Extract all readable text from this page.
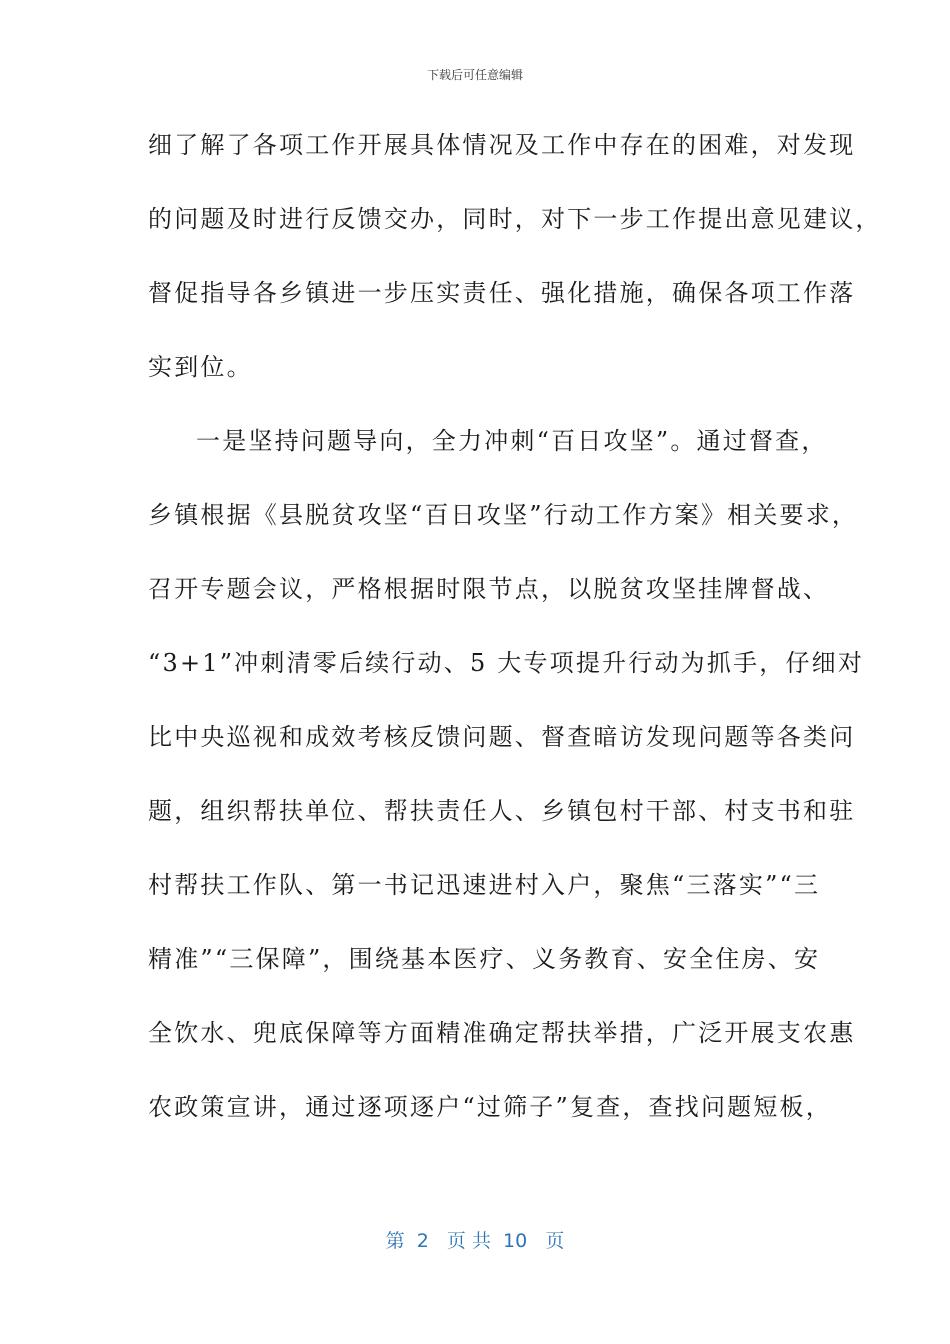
下载后可任意编辑
细了解了各项工作开展具体情况及工作中存在的困难，对发现
的问题及时进行反馈交办，同时，对下一步工作提出意见建议，
督促指导各乡镇进一步压实责任、强化措施，确保各项工作落
实到位。
一是坚持问题导向，全力冲刺“百日攻坚”。通过督查，
乡镇根据《县脱贫攻坚“百日攻坚”行动工作方案》相关要求，
召开专题会议，严格根据时限节点，以脱贫攻坚挂牌督战、
“3+1”冲刺清零后续行动、5 大专项提升行动为抓手，仔细对
比中央巡视和成效考核反馈问题、督查暗访发现问题等各类问
题，组织帮扶单位、帮扶责任人、乡镇包村干部、村支书和驻
村帮扶工作队、第一书记迅速进村入户，聚焦“三落实”“三
精准”“三保障”，围绕基本医疗、义务教育、安全住房、安
全饮水、兜底保障等方面精准确定帮扶举措，广泛开展支农惠
农政策宣讲，通过逐项逐户“过筛子”复查，查找问题短板，
第  2   页 共  10   页
